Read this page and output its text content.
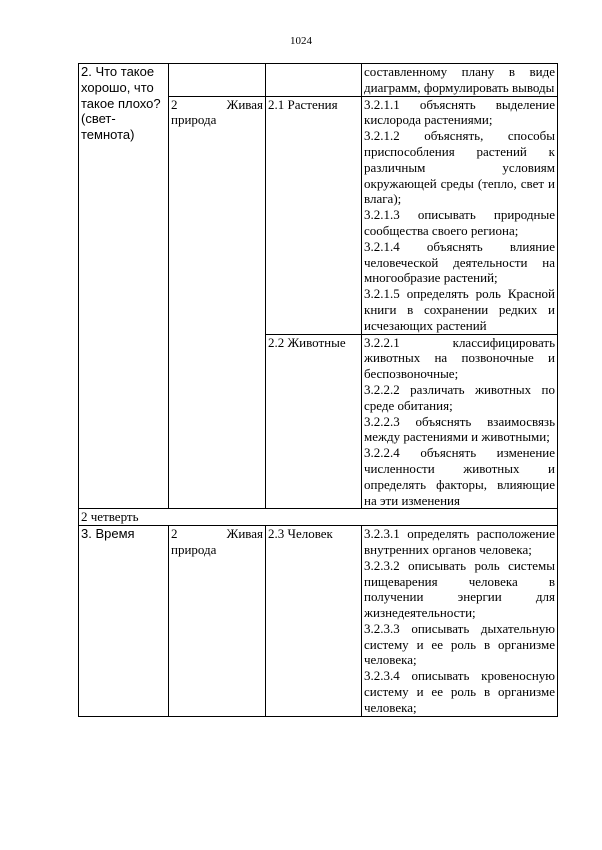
1024
2. Что такое хорошо, что такое плохо? (свет-темнота)			составленному плану в виде диаграмм, формулировать выводы

	2 Живая природа	2.1 Растения	3.2.1.1 объяснять выделение кислорода растениями;
3.2.1.2 объяснять, способы приспособления растений к различным условиям окружающей среды (тепло, свет и влага);
3.2.1.3 описывать природные сообщества своего региона;
3.2.1.4 объяснять влияние человеческой деятельности на многообразие растений;
3.2.1.5 определять роль Красной книги в сохранении редких и исчезающих растений

		2.2 Животные	3.2.2.1 классифицировать животных на позвоночные и беспозвоночные;
3.2.2.2 различать животных по среде обитания;
3.2.2.3 объяснять взаимосвязь между растениями и животными;
3.2.2.4 объяснять изменение численности животных и определять факторы, влияющие на эти изменения

2 четверть			
3. Время	2 Живая природа	2.3 Человек	3.2.3.1 определять расположение внутренних органов человека;
3.2.3.2 описывать роль системы пищеварения человека в получении энергии для жизнедеятельности;
3.2.3.3 описывать дыхательную систему и ее роль в организме человека;
3.2.3.4 описывать кровеносную систему и ее роль в организме человека;
